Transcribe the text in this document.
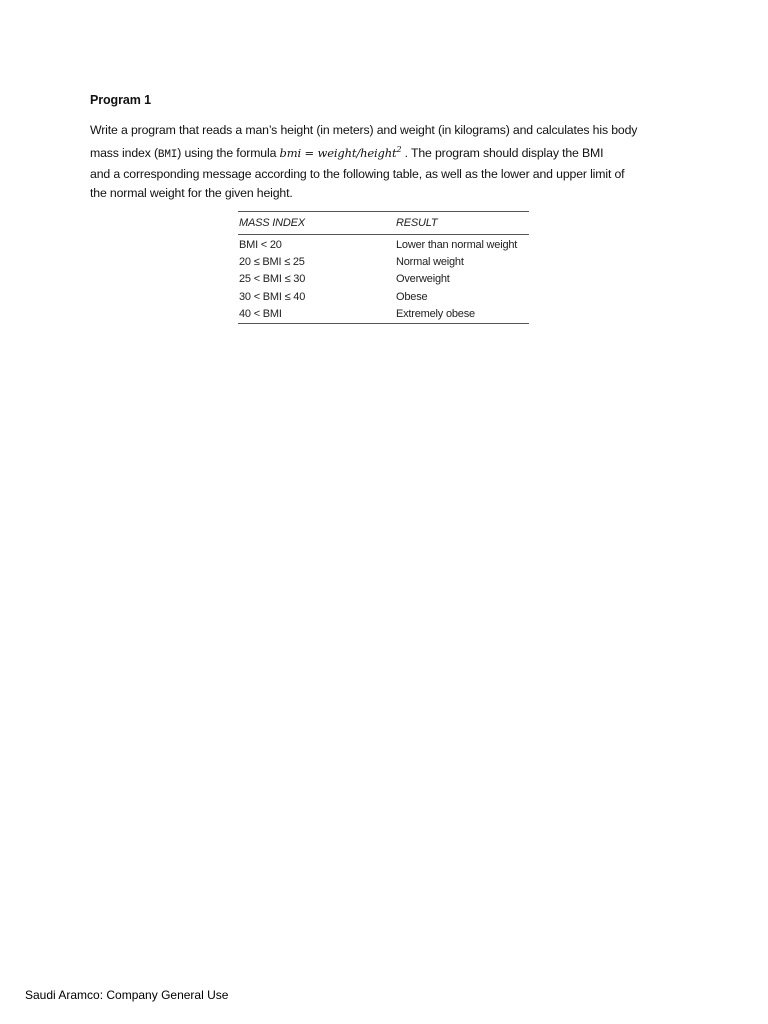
Program 1
Write a program that reads a man’s height (in meters) and weight (in kilograms) and calculates his body
mass index (BMI) using the formula bmi = weight/height$^2$ . The program should display the BMI
and a corresponding message according to the following table, as well as the lower and upper limit of
the normal weight for the given height.
MASS INDEX	RESULT
BMI < 20	Lower than normal weight
20 ≤ BMI ≤ 25	Normal weight
25 < BMI ≤ 30	Overweight
30 < BMI ≤ 40	Obese
40 < BMI	Extremely obese
Saudi Aramco: Company General Use
